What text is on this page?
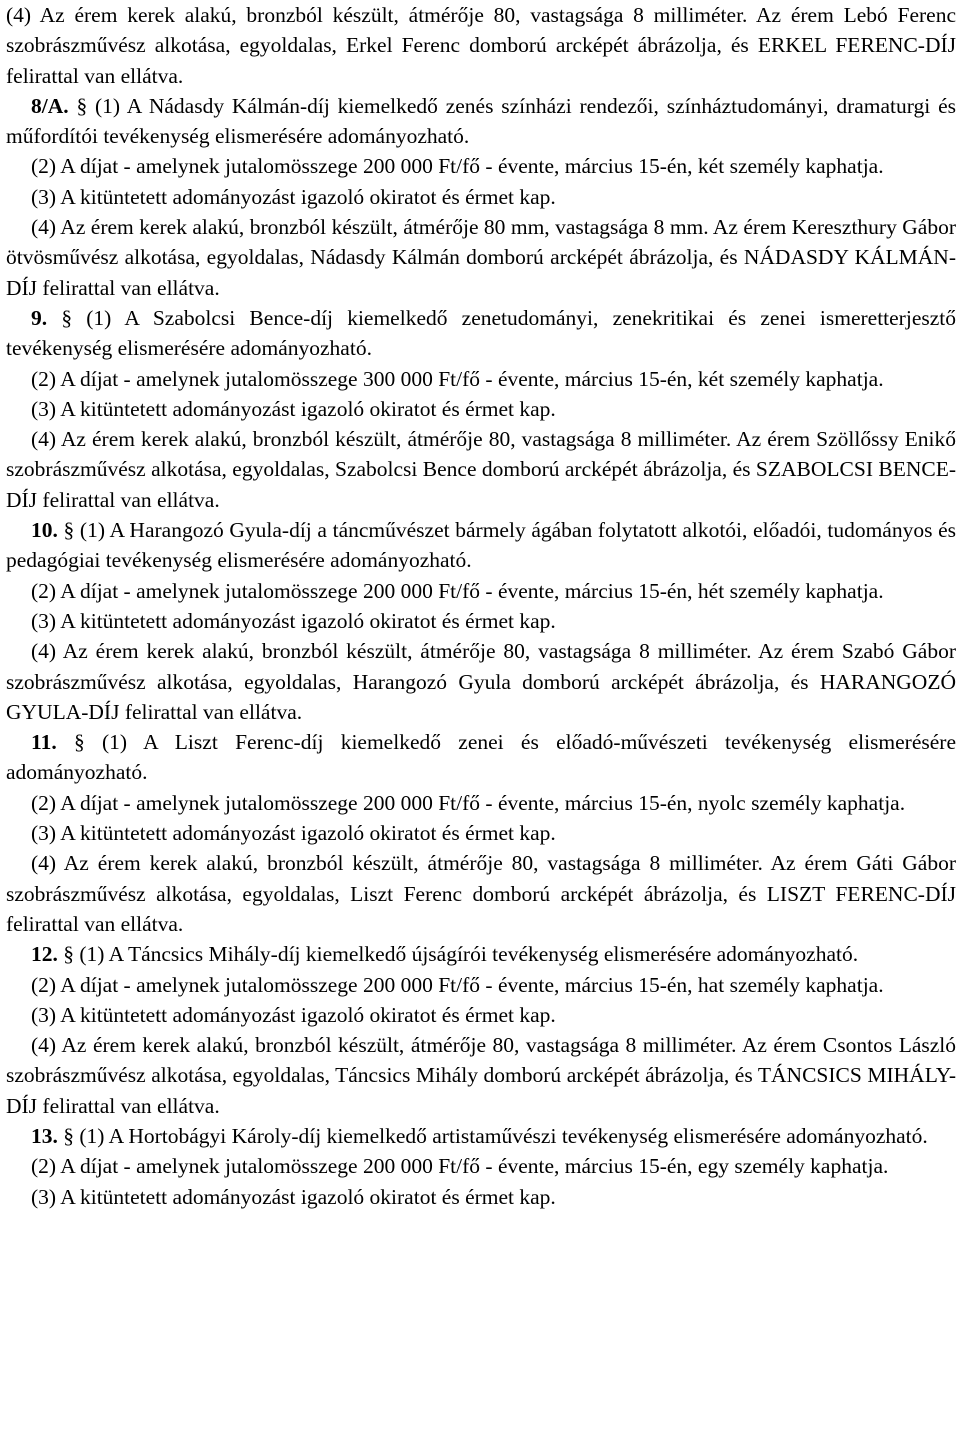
(4) Az érem kerek alakú, bronzból készült, átmérője 80, vastagsága 8 milliméter. Az érem Lebó Ferenc szobrászművész alkotása, egyoldalas, Erkel Ferenc domború arcképét ábrázolja, és ERKEL FERENC-DÍJ felirattal van ellátva.

8/A. § (1) A Nádasdy Kálmán-díj kiemelkedő zenés színházi rendezői, színháztudományi, dramaturgi és műfordítói tevékenység elismerésére adományozható.

(2) A díjat - amelynek jutalomösszege 200 000 Ft/fő - évente, március 15-én, két személy kaphatja.

(3) A kitüntetett adományozást igazoló okiratot és érmet kap.

(4) Az érem kerek alakú, bronzból készült, átmérője 80 mm, vastagsága 8 mm. Az érem Kereszthury Gábor ötvösművész alkotása, egyoldalas, Nádasdy Kálmán domború arcképét ábrázolja, és NÁDASDY KÁLMÁN-DÍJ felirattal van ellátva.

9. § (1) A Szabolcsi Bence-díj kiemelkedő zenetudományi, zenekritikai és zenei ismeretterjesztő tevékenység elismerésére adományozható.

(2) A díjat - amelynek jutalomösszege 300 000 Ft/fő - évente, március 15-én, két személy kaphatja.

(3) A kitüntetett adományozást igazoló okiratot és érmet kap.

(4) Az érem kerek alakú, bronzból készült, átmérője 80, vastagsága 8 milliméter. Az érem Szöllőssy Enikő szobrászművész alkotása, egyoldalas, Szabolcsi Bence domború arcképét ábrázolja, és SZABOLCSI BENCE-DÍJ felirattal van ellátva.

10. § (1) A Harangozó Gyula-díj a táncművészet bármely ágában folytatott alkotói, előadói, tudományos és pedagógiai tevékenység elismerésére adományozható.

(2) A díjat - amelynek jutalomösszege 200 000 Ft/fő - évente, március 15-én, hét személy kaphatja.

(3) A kitüntetett adományozást igazoló okiratot és érmet kap.

(4) Az érem kerek alakú, bronzból készült, átmérője 80, vastagsága 8 milliméter. Az érem Szabó Gábor szobrászművész alkotása, egyoldalas, Harangozó Gyula domború arcképét ábrázolja, és HARANGOZÓ GYULA-DÍJ felirattal van ellátva.

11. § (1) A Liszt Ferenc-díj kiemelkedő zenei és előadó-művészeti tevékenység elismerésére adományozható.

(2) A díjat - amelynek jutalomösszege 200 000 Ft/fő - évente, március 15-én, nyolc személy kaphatja.

(3) A kitüntetett adományozást igazoló okiratot és érmet kap.

(4) Az érem kerek alakú, bronzból készült, átmérője 80, vastagsága 8 milliméter. Az érem Gáti Gábor szobrászművész alkotása, egyoldalas, Liszt Ferenc domború arcképét ábrázolja, és LISZT FERENC-DÍJ felirattal van ellátva.

12. § (1) A Táncsics Mihály-díj kiemelkedő újságírói tevékenység elismerésére adományozható.

(2) A díjat - amelynek jutalomösszege 200 000 Ft/fő - évente, március 15-én, hat személy kaphatja.

(3) A kitüntetett adományozást igazoló okiratot és érmet kap.

(4) Az érem kerek alakú, bronzból készült, átmérője 80, vastagsága 8 milliméter. Az érem Csontos László szobrászművész alkotása, egyoldalas, Táncsics Mihály domború arcképét ábrázolja, és TÁNCSICS MIHÁLY-DÍJ felirattal van ellátva.

13. § (1) A Hortobágyi Károly-díj kiemelkedő artistaművészi tevékenység elismerésére adományozható.

(2) A díjat - amelynek jutalomösszege 200 000 Ft/fő - évente, március 15-én, egy személy kaphatja.

(3) A kitüntetett adományozást igazoló okiratot és érmet kap.
